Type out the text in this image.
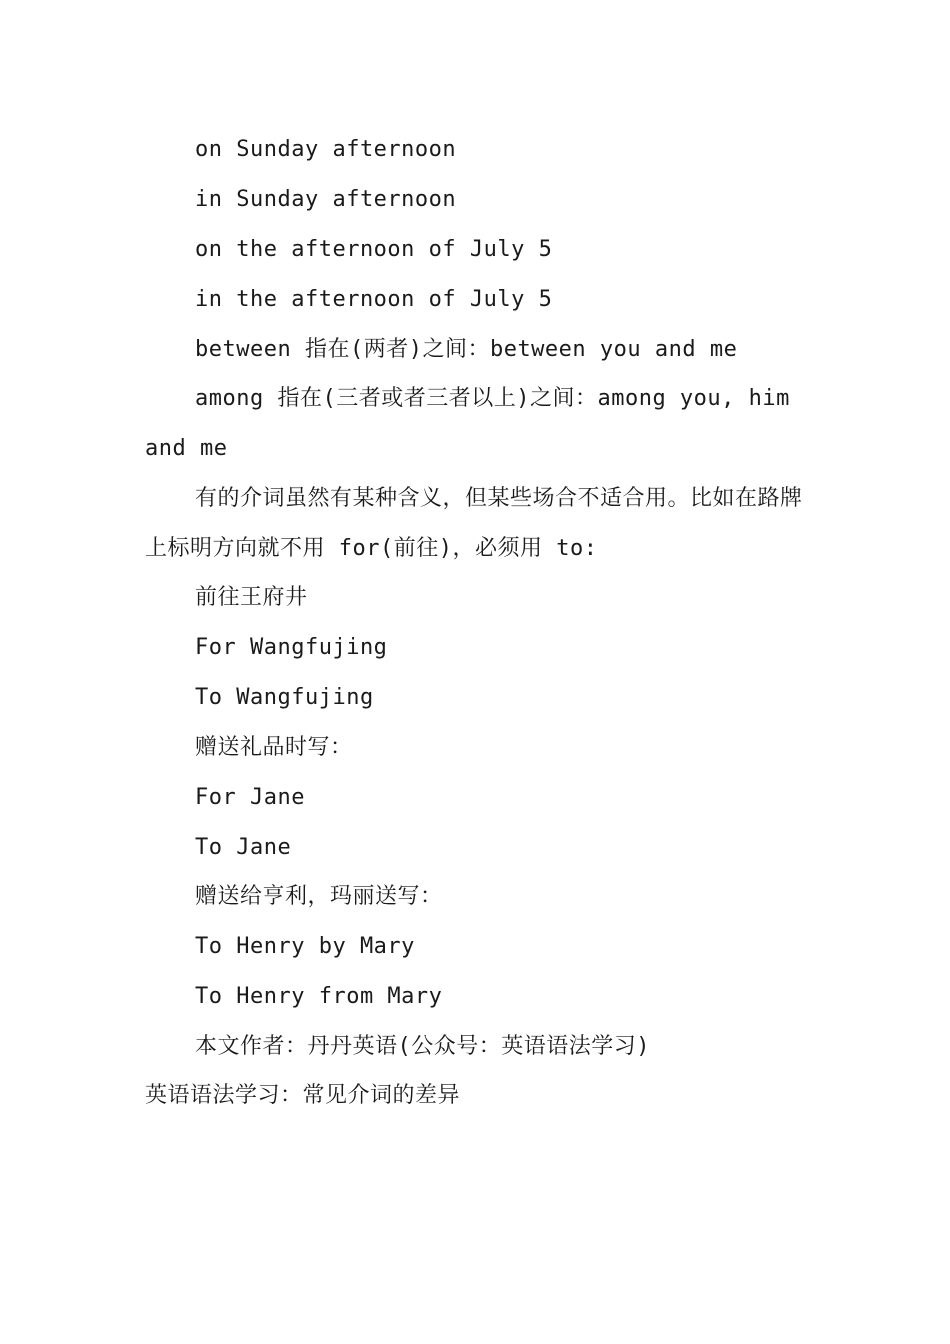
on Sunday afternoon
in Sunday afternoon
on the afternoon of July 5
in the afternoon of July 5
between 指在(两者)之间：between you and me
among 指在(三者或者三者以上)之间：among you, him and me
有的介词虽然有某种含义，但某些场合不适合用。比如在路牌上标明方向就不用 for(前往)，必须用 to:
前往王府井
For Wangfujing
To Wangfujing
赠送礼品时写：
For Jane
To Jane
赠送给亨利，玛丽送写：
To Henry by Mary
To Henry from Mary
本文作者：丹丹英语(公众号：英语语法学习)
英语语法学习：常见介词的差异
